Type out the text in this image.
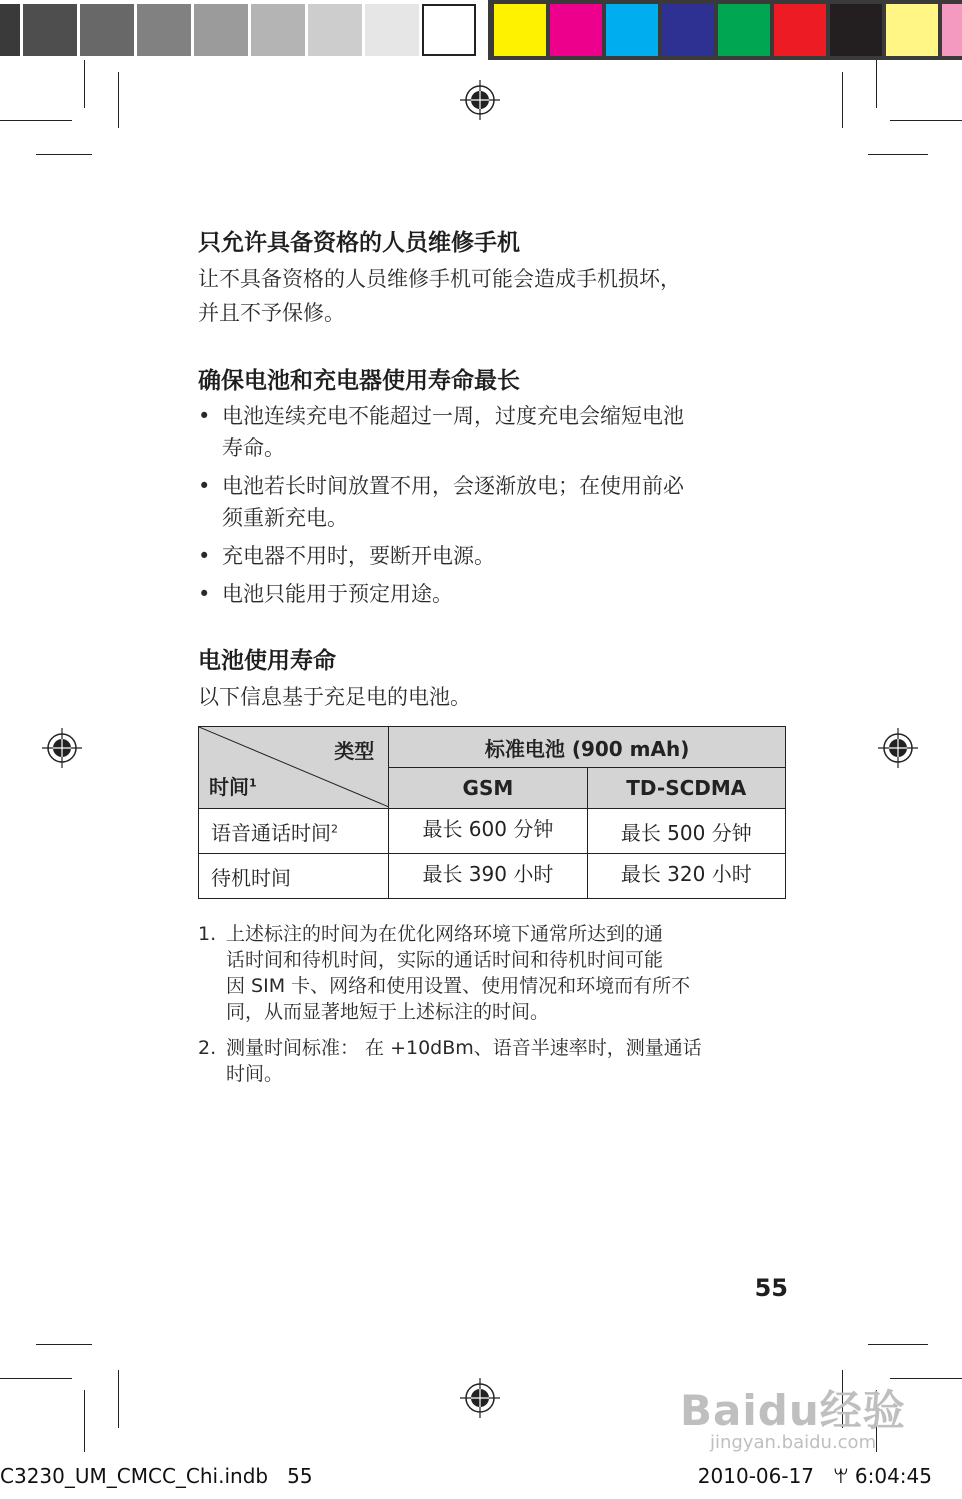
只允许具备资格的人员维修手机

让不具备资格的人员维修手机可能会造成手机损坏，
并且不予保修。

确保电池和充电器使用寿命最长
• 电池连续充电不能超过一周，过度充电会缩短电池
寿命。
• 电池若长时间放置不用，会逐渐放电；在使用前必
须重新充电。
• 充电器不用时，要断开电源。
• 电池只能用于预定用途。
电池使用寿命

以下信息基于充足电的电池。

类型
时间$^1$	标准电池 (900 mAh)	
	GSM	TD-SCDMA
语音通话时间$^2$	最长 600 分钟	最长 500 分钟
待机时间	最长 390 小时	最长 320 小时
1. 上述标注的时间为在优化网络环境下通常所达到的通
话时间和待机时间，实际的通话时间和待机时间可能
因 SIM 卡、网络和使用设置、使用情况和环境而有所不
同，从而显著地短于上述标注的时间。
2. 测量时间标准： 在 +10dBm、语音半速率时，测量通话
时间。
55
Baidu经验
jingyan.baidu.com
C3230_UM_CMCC_Chi.indb   55	2010-06-17   ꕚ 6:04:45
